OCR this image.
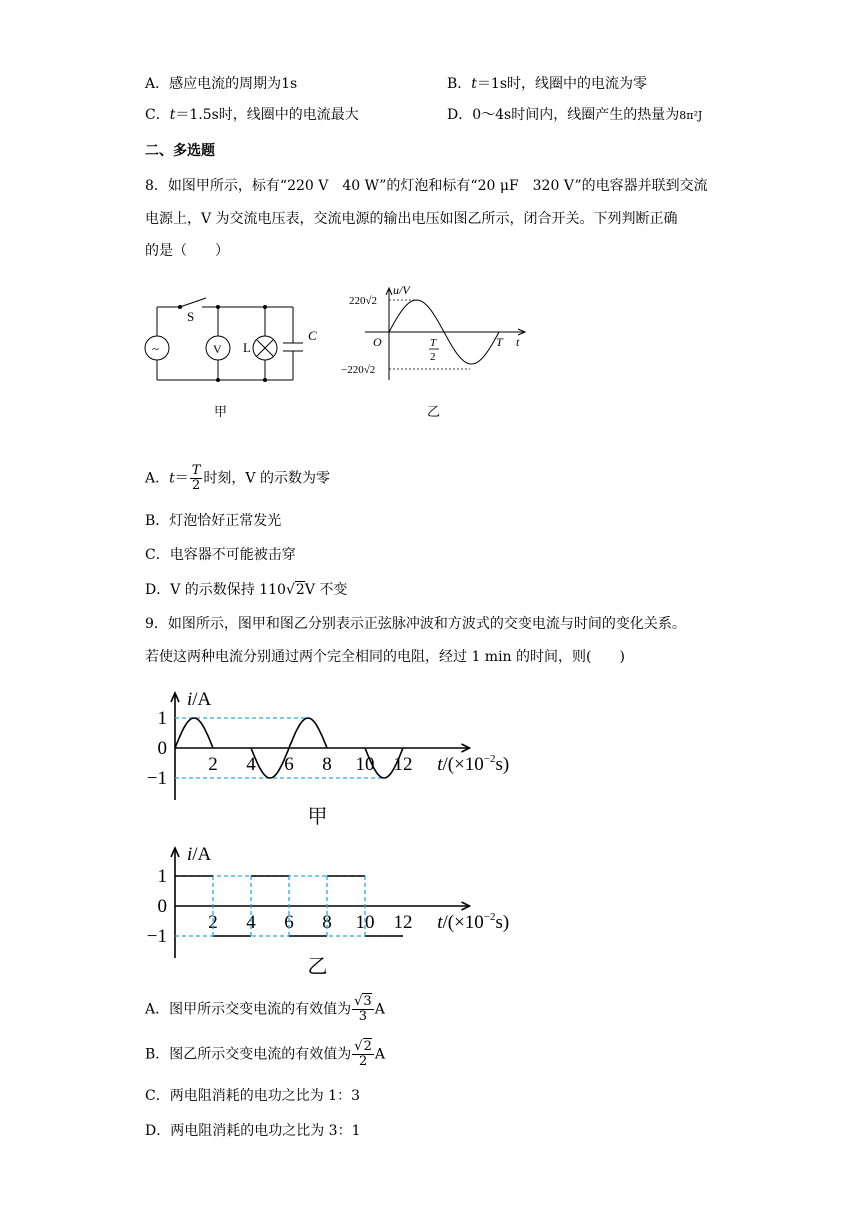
A．感应电流的周期为1s	B．t＝1s时，线圈中的电流为零
C．t＝1.5s时，线圈中的电流最大	D．0～4s时间内，线圈产生的热量为8π²J
二、多选题
8．如图甲所示，标有“220 V　40 W”的灯泡和标有“20 μF　320 V”的电容器并联到交流
电源上，V 为交流电压表，交流电源的输出电压如图乙所示，闭合开关。下列判断正确
的是（　　）
S
~	V L
C
甲
u/V
t
O
220√2
−220√2
T
2
T
乙
A．$t= \frac{T}{2}$ 时刻，V 的示数为零
B．灯泡恰好正常发光
C．电容器不可能被击穿
D．V 的示数保持 110√2V 不变
9．如图所示，图甲和图乙分别表示正弦脉冲波和方波式的交变电流与时间的变化关系。
若使这两种电流分别通过两个完全相同的电阻，经过 1 min 的时间，则(　　)
i/A
$t/(\times 10^{-2}s)$
1
0
−1
2 4 6 8 10 12
甲
i/A
$t/(\times 10^{-2}s)$
1
0
−1
2 4 6 8 10 12
乙
A．图甲所示交变电流的有效值为 $\frac{√3}{3}$ A
B．图乙所示交变电流的有效值为 $\frac{√2}{2}$ A
C．两电阻消耗的电功之比为 1：3
D．两电阻消耗的电功之比为 3：1
